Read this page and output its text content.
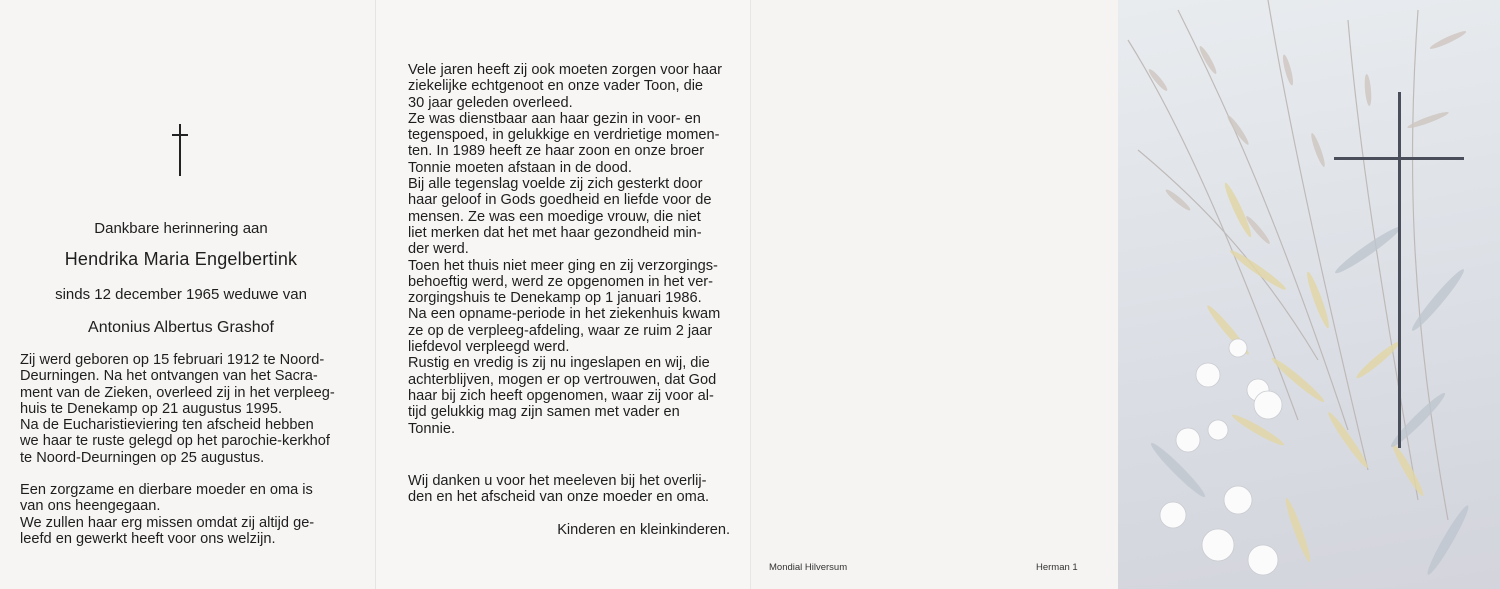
Dankbare herinnering aan
Hendrika Maria Engelbertink
sinds 12 december 1965 weduwe van
Antonius Albertus Grashof

Zij werd geboren op 15 februari 1912 te Noord-
Deurningen. Na het ontvangen van het Sacra-
ment van de Zieken, overleed zij in het verpleeg-
huis te Denekamp op 21 augustus 1995.
Na de Eucharistieviering ten afscheid hebben
we haar te ruste gelegd op het parochie-kerkhof
te Noord-Deurningen op 25 augustus.

Een zorgzame en dierbare moeder en oma is
van ons heengegaan.
We zullen haar erg missen omdat zij altijd ge-
leefd en gewerkt heeft voor ons welzijn.

Vele jaren heeft zij ook moeten zorgen voor haar
ziekelijke echtgenoot en onze vader Toon, die
30 jaar geleden overleed.
Ze was dienstbaar aan haar gezin in voor- en
tegenspoed, in gelukkige en verdrietige momen-
ten. In 1989 heeft ze haar zoon en onze broer
Tonnie moeten afstaan in de dood.
Bij alle tegenslag voelde zij zich gesterkt door
haar geloof in Gods goedheid en liefde voor de
mensen. Ze was een moedige vrouw, die niet
liet merken dat het met haar gezondheid min-
der werd.
Toen het thuis niet meer ging en zij verzorgings-
behoeftig werd, werd ze opgenomen in het ver-
zorgingshuis te Denekamp op 1 januari 1986.
Na een opname-periode in het ziekenhuis kwam
ze op de verpleeg-afdeling, waar ze ruim 2 jaar
liefdevol verpleegd werd.
Rustig en vredig is zij nu ingeslapen en wij, die
achterblijven, mogen er op vertrouwen, dat God
haar bij zich heeft opgenomen, waar zij voor al-
tijd gelukkig mag zijn samen met vader en
Tonnie.

Wij danken u voor het meeleven bij het overlij-
den en het afscheid van onze moeder en oma.

Kinderen en kleinkinderen.
Mondial Hilversum	Herman 1
